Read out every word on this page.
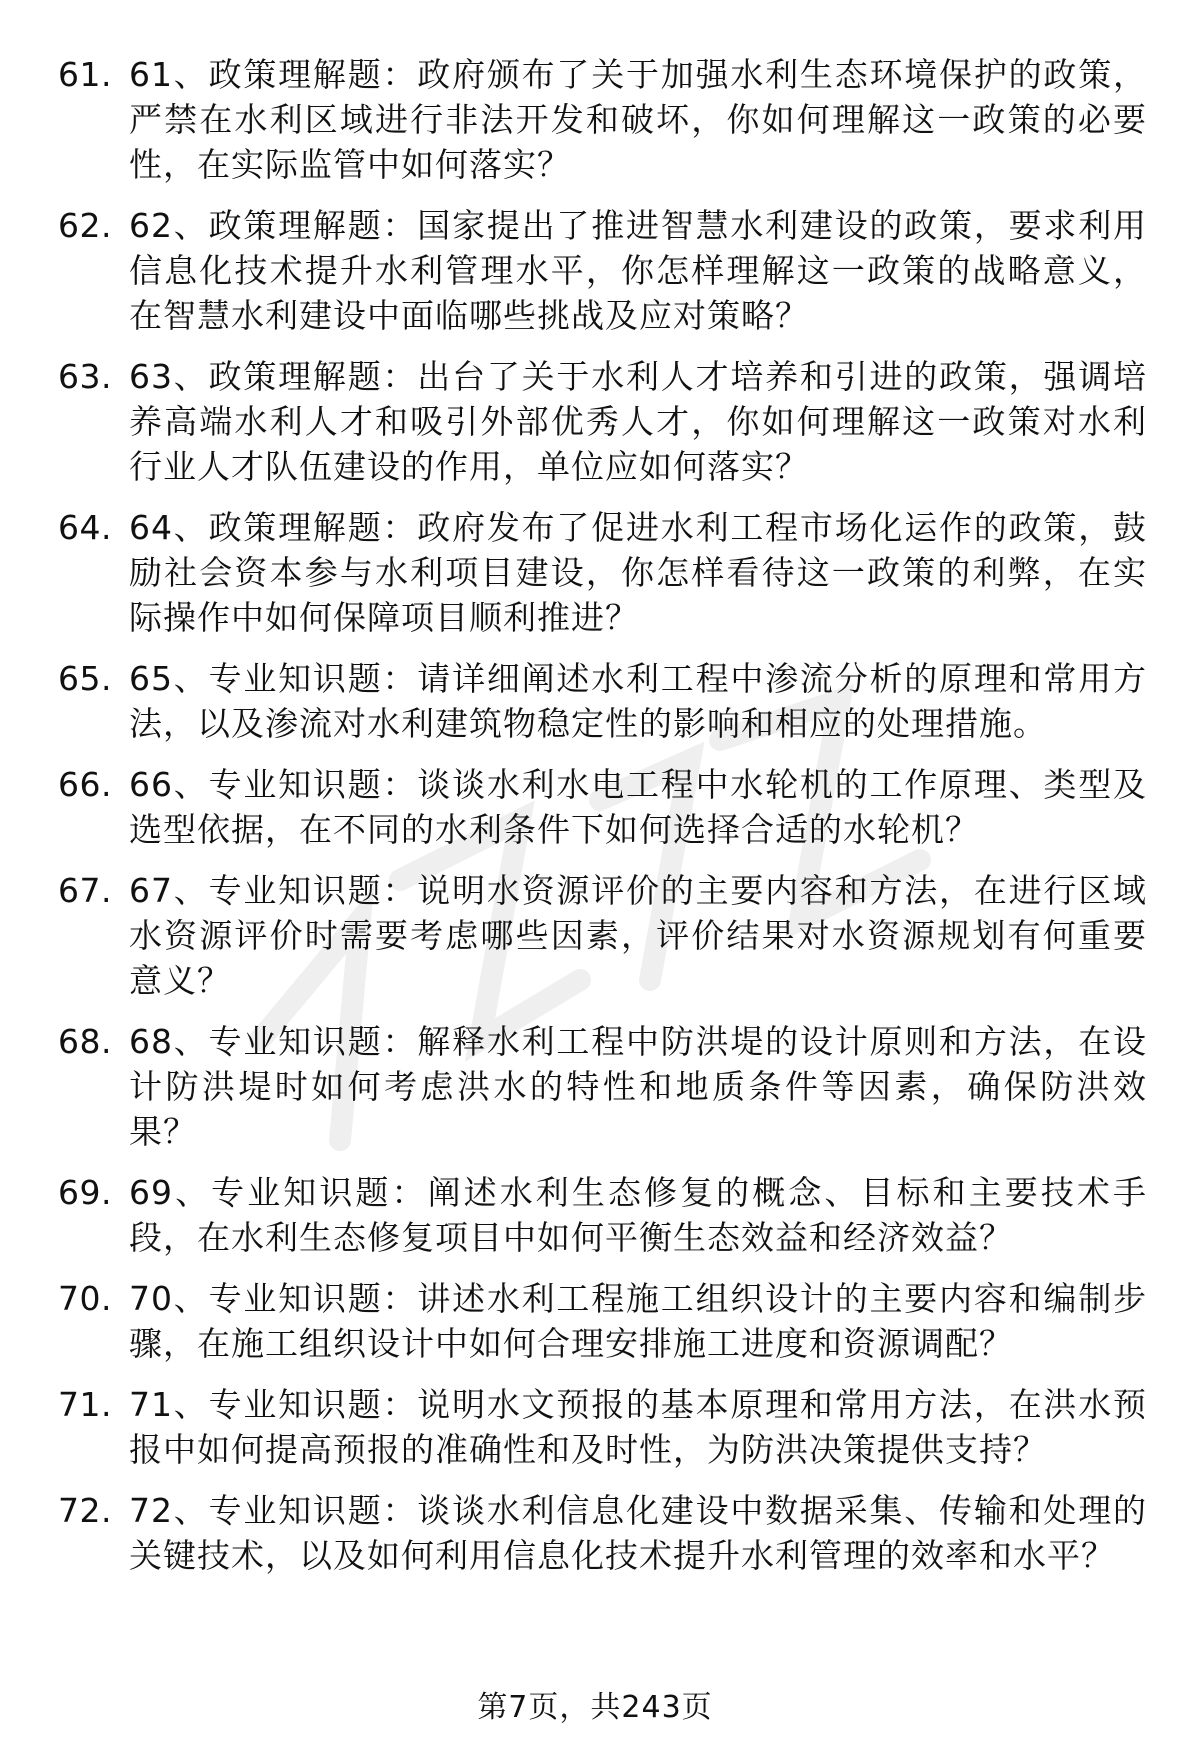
61. 61、政策理解题：政府颁布了关于加强水利生态环境保护的政策，严禁在水利区域进行非法开发和破坏，你如何理解这一政策的必要性，在实际监管中如何落实？
62. 62、政策理解题：国家提出了推进智慧水利建设的政策，要求利用信息化技术提升水利管理水平，你怎样理解这一政策的战略意义，在智慧水利建设中面临哪些挑战及应对策略？
63. 63、政策理解题：出台了关于水利人才培养和引进的政策，强调培养高端水利人才和吸引外部优秀人才，你如何理解这一政策对水利行业人才队伍建设的作用，单位应如何落实？
64. 64、政策理解题：政府发布了促进水利工程市场化运作的政策，鼓励社会资本参与水利项目建设，你怎样看待这一政策的利弊，在实际操作中如何保障项目顺利推进？
65. 65、专业知识题：请详细阐述水利工程中渗流分析的原理和常用方法，以及渗流对水利建筑物稳定性的影响和相应的处理措施。
66. 66、专业知识题：谈谈水利水电工程中水轮机的工作原理、类型及选型依据，在不同的水利条件下如何选择合适的水轮机？
67. 67、专业知识题：说明水资源评价的主要内容和方法，在进行区域水资源评价时需要考虑哪些因素，评价结果对水资源规划有何重要意义？
68. 68、专业知识题：解释水利工程中防洪堤的设计原则和方法，在设计防洪堤时如何考虑洪水的特性和地质条件等因素，确保防洪效果？
69. 69、专业知识题：阐述水利生态修复的概念、目标和主要技术手段，在水利生态修复项目中如何平衡生态效益和经济效益？
70. 70、专业知识题：讲述水利工程施工组织设计的主要内容和编制步骤，在施工组织设计中如何合理安排施工进度和资源调配？
71. 71、专业知识题：说明水文预报的基本原理和常用方法，在洪水预报中如何提高预报的准确性和及时性，为防洪决策提供支持？
72. 72、专业知识题：谈谈水利信息化建设中数据采集、传输和处理的关键技术，以及如何利用信息化技术提升水利管理的效率和水平？
第7页，共243页
